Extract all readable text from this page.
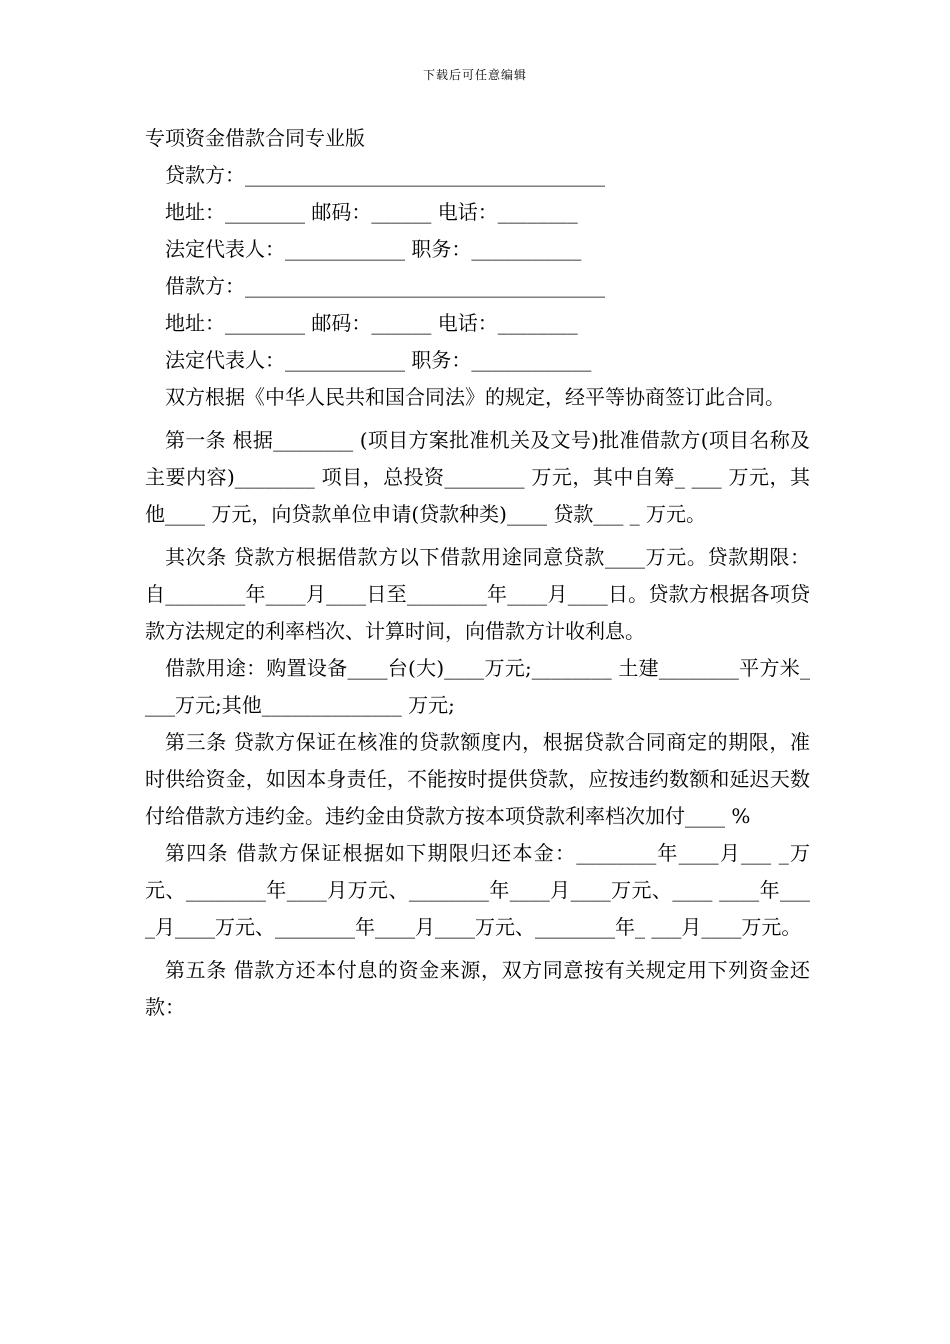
下载后可任意编辑
专项资金借款合同专业版
贷款方：____________________________________
地址：________ 邮码：______ 电话：________
法定代表人：____________ 职务：___________
借款方：____________________________________
地址：________ 邮码：______ 电话：________
法定代表人：____________ 职务：____________
双方根据《中华人民共和国合同法》的规定，经平等协商签订此合同。
第一条 根据________ (项目方案批准机关及文号)批准借款方(项目名称及主要内容)________ 项目，总投资________ 万元，其中自筹_ ___ 万元，其他____ 万元，向贷款单位申请(贷款种类)____ 贷款___ _ 万元。
其次条 贷款方根据借款方以下借款用途同意贷款____万元。贷款期限：自________年____月____日至________年____月____日。贷款方根据各项贷款方法规定的利率档次、计算时间，向借款方计收利息。
借款用途：购置设备____台(大)____万元;________ 土建________平方米____万元;其他______________ 万元;
第三条 贷款方保证在核准的贷款额度内，根据贷款合同商定的期限，准时供给资金，如因本身责任，不能按时提供贷款，应按违约数额和延迟天数付给借款方违约金。违约金由贷款方按本项贷款利率档次加付____ %
第四条 借款方保证根据如下期限归还本金：________年____月___ _万元、________年____月万元、________年____月____万元、____ ____年____月____万元、________年____月____万元、________年_ ___月____万元。
第五条 借款方还本付息的资金来源，双方同意按有关规定用下列资金还款：
